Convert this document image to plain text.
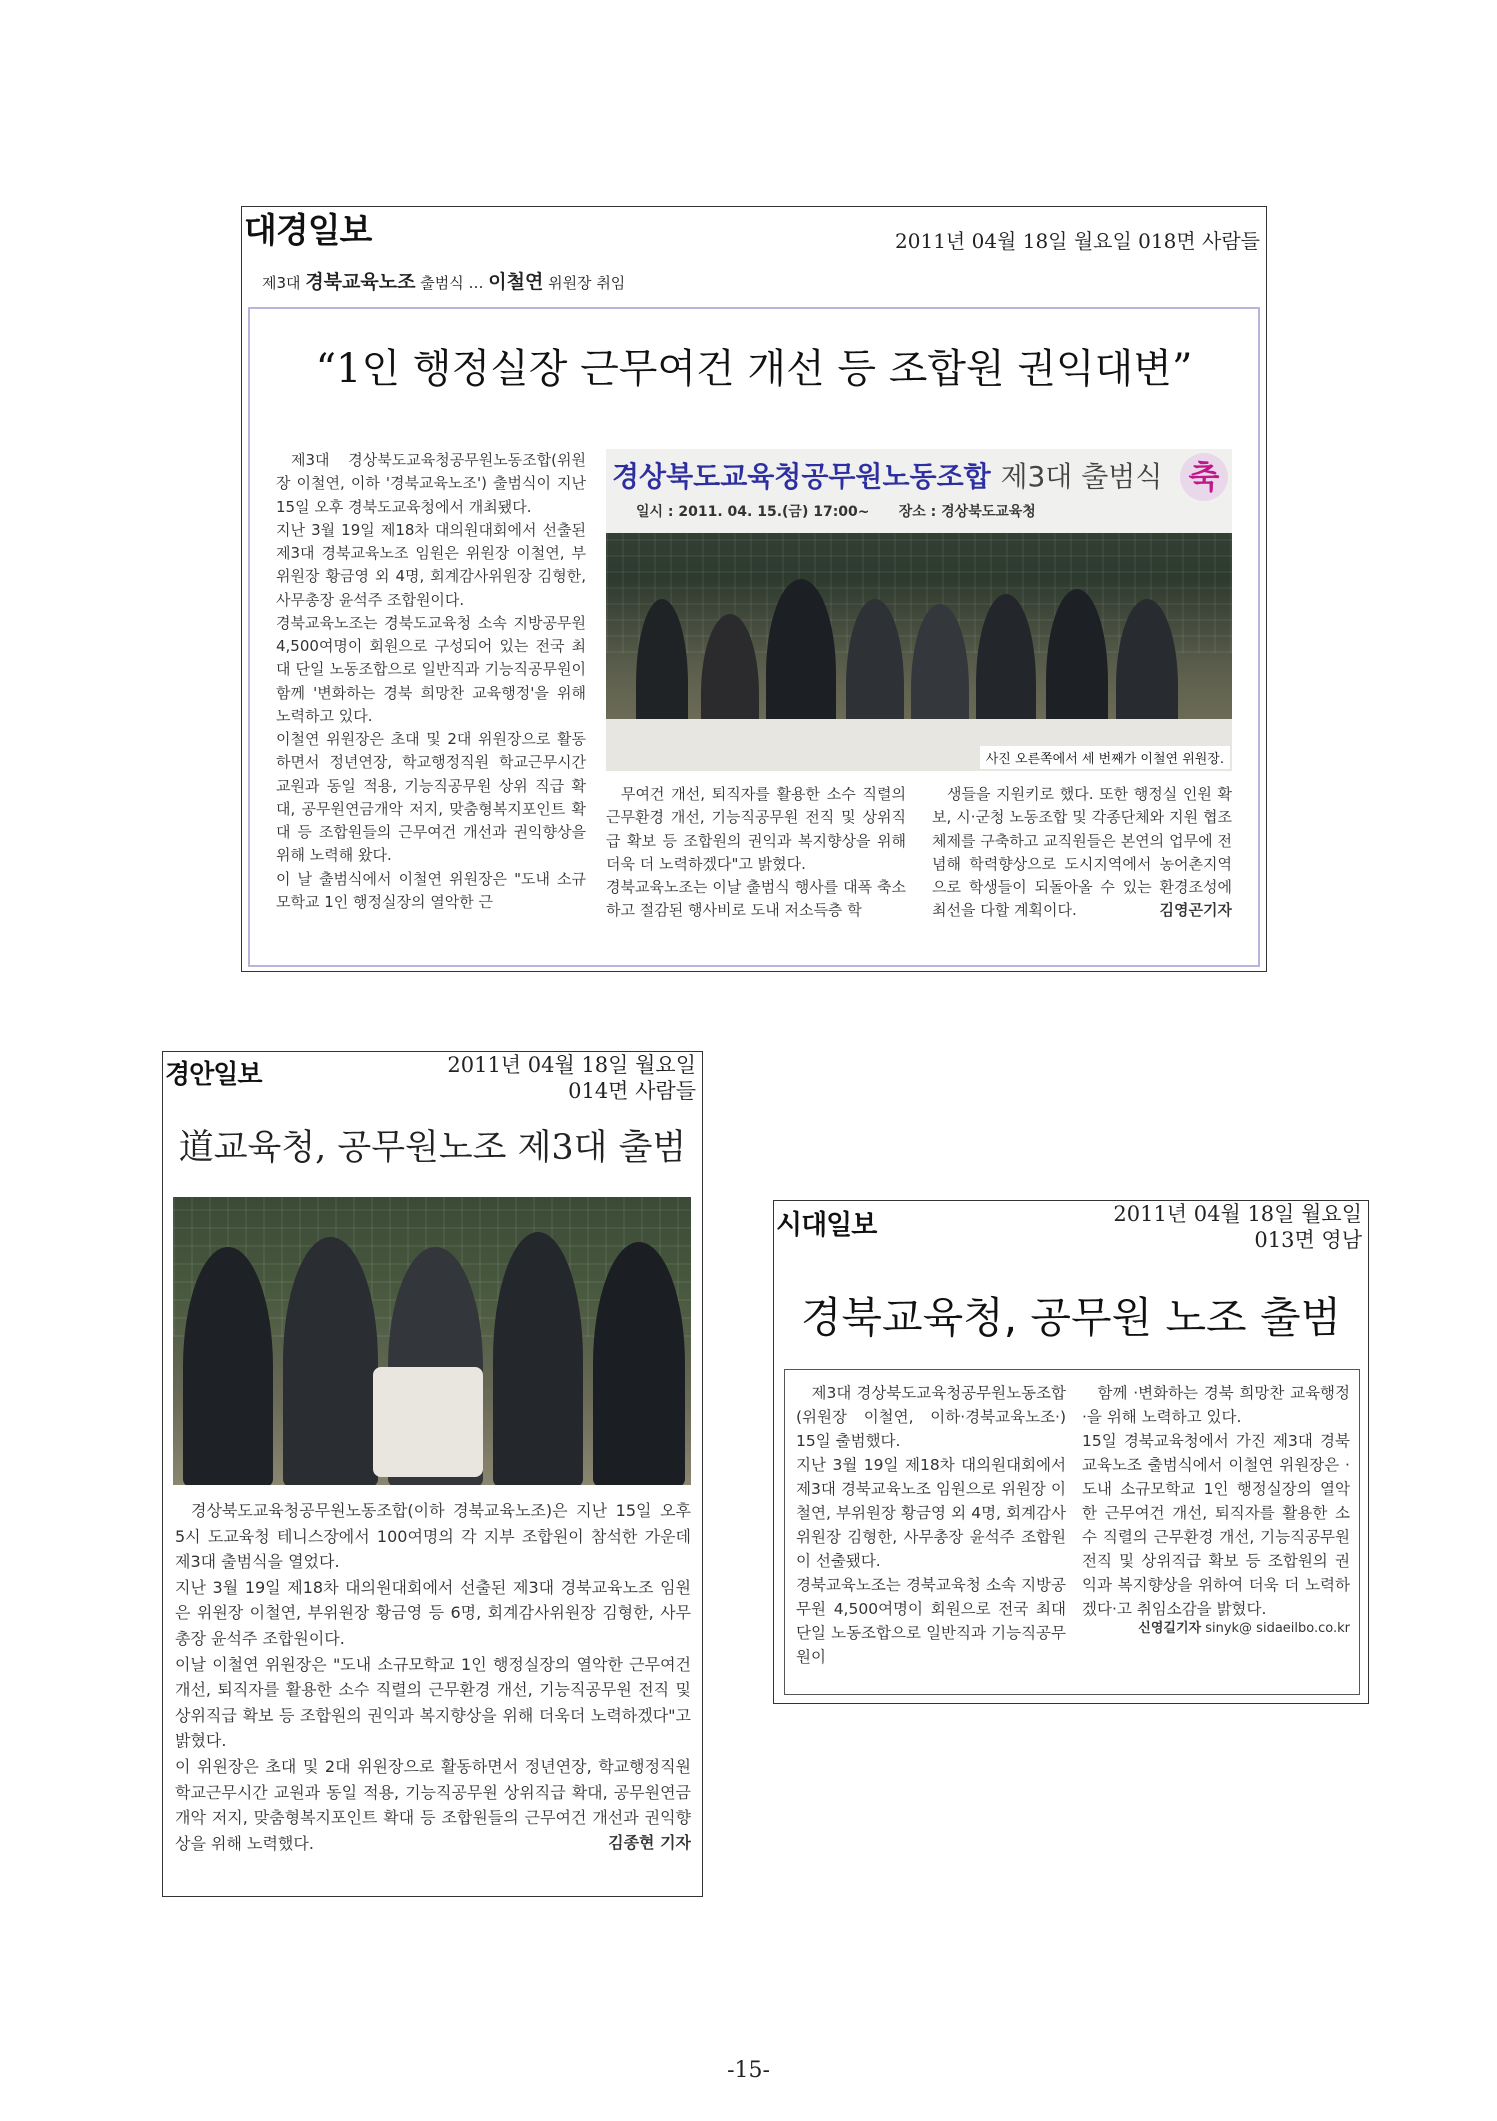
대경일보	2011년 04월 18일 월요일 018면 사람들
제3대 경북교육노조 출범식 … 이철연 위원장 취임
“1인 행정실장 근무여건 개선 등 조합원 권익대변”
경상북도교육청공무원노동조합 제3대 출범식 축
일시 : 2011. 04. 15.(금) 17:00~      장소 : 경상북도교육청
사진 오른쪽에서 세 번째가 이철연 위원장.

제3대 경상북도교육청공무원노동조합(위원장 이철연, 이하 '경북교육노조') 출범식이 지난 15일 오후 경북도교육청에서 개최됐다.
지난 3월 19일 제18차 대의원대회에서 선출된 제3대 경북교육노조 임원은 위원장 이철연, 부위원장 황금영 외 4명, 회계감사위원장 김형한, 사무총장 윤석주 조합원이다.
경북교육노조는 경북도교육청 소속 지방공무원 4,500여명이 회원으로 구성되어 있는 전국 최대 단일 노동조합으로 일반직과 기능직공무원이 함께 '변화하는 경북 희망찬 교육행정'을 위해 노력하고 있다.
이철연 위원장은 초대 및 2대 위원장으로 활동하면서 정년연장, 학교행정직원 학교근무시간 교원과 동일 적용, 기능직공무원 상위 직급 확대, 공무원연금개악 저지, 맞춤형복지포인트 확대 등 조합원들의 근무여건 개선과 권익향상을 위해 노력해 왔다.
이 날 출범식에서 이철연 위원장은 "도내 소규모학교 1인 행정실장의 열악한 근

무여건 개선, 퇴직자를 활용한 소수 직렬의 근무환경 개선, 기능직공무원 전직 및 상위직급 확보 등 조합원의 권익과 복지향상을 위해 더욱 더 노력하겠다"고 밝혔다.
경북교육노조는 이날 출범식 행사를 대폭 축소하고 절감된 행사비로 도내 저소득층 학

생들을 지원키로 했다. 또한 행정실 인원 확보, 시·군청 노동조합 및 각종단체와 지원 협조체제를 구축하고 교직원들은 본연의 업무에 전념해 학력향상으로 도시지역에서 농어촌지역으로 학생들이 되돌아올 수 있는 환경조성에 최선을 다할 계획이다.	김영곤기자
경안일보	2011년 04월 18일 월요일
014면 사람들
道교육청, 공무원노조 제3대 출범

경상북도교육청공무원노동조합(이하 경북교육노조)은 지난 15일 오후 5시 도교육청 테니스장에서 100여명의 각 지부 조합원이 참석한 가운데 제3대 출범식을 열었다.
지난 3월 19일 제18차 대의원대회에서 선출된 제3대 경북교육노조 임원은 위원장 이철연, 부위원장 황금영 등 6명, 회계감사위원장 김형한, 사무총장 윤석주 조합원이다.
이날 이철연 위원장은 "도내 소규모학교 1인 행정실장의 열악한 근무여건 개선, 퇴직자를 활용한 소수 직렬의 근무환경 개선, 기능직공무원 전직 및 상위직급 확보 등 조합원의 권익과 복지향상을 위해 더욱더 노력하겠다"고 밝혔다.
이 위원장은 초대 및 2대 위원장으로 활동하면서 정년연장, 학교행정직원 학교근무시간 교원과 동일 적용, 기능직공무원 상위직급 확대, 공무원연금개악 저지, 맞춤형복지포인트 확대 등 조합원들의 근무여건 개선과 권익향상을 위해 노력했다.	김종현 기자
시대일보	2011년 04월 18일 월요일
013면 영남
경북교육청, 공무원 노조 출범

제3대 경상북도교육청공무원노동조합(위원장 이철연, 이하·경북교육노조·) 15일 출범했다.
지난 3월 19일 제18차 대의원대회에서 제3대 경북교육노조 임원으로 위원장 이철연, 부위원장 황금영 외 4명, 회계감사위원장 김형한, 사무총장 윤석주 조합원이 선출됐다.
경북교육노조는 경북교육청 소속 지방공무원 4,500여명이 회원으로 전국 최대 단일 노동조합으로 일반직과 기능직공무원이

함께 ·변화하는 경북 희망찬 교육행정·을 위해 노력하고 있다.
15일 경북교육청에서 가진 제3대 경북교육노조 출범식에서 이철연 위원장은 ·도내 소규모학교 1인 행정실장의 열악한 근무여건 개선, 퇴직자를 활용한 소수 직렬의 근무환경 개선, 기능직공무원 전직 및 상위직급 확보 등 조합원의 권익과 복지향상을 위하여 더욱 더 노력하겠다·고 취임소감을 밝혔다.

신영길기자 sinyk@ sidaeilbo.co.kr
-15-
